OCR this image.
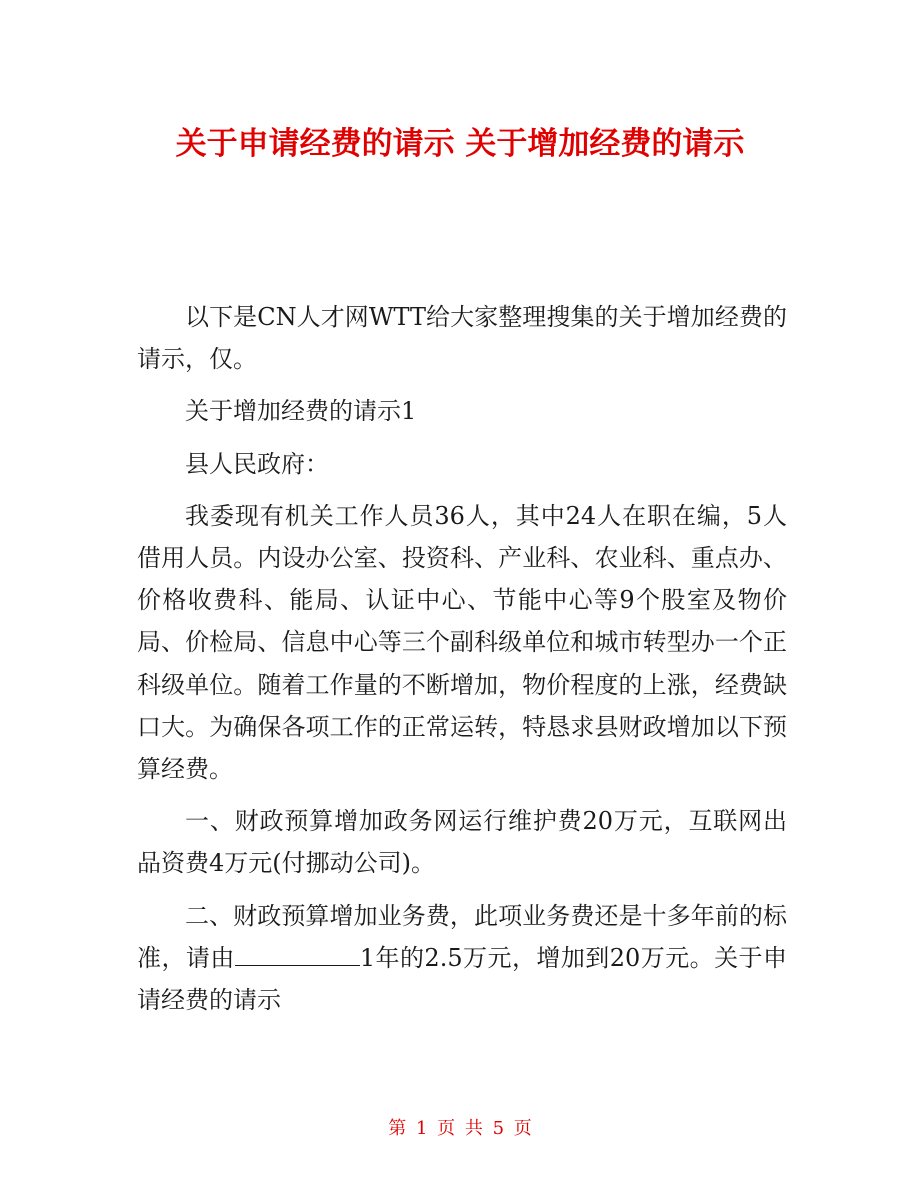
关于申请经费的请示 关于增加经费的请示

以下是CN人才网WTT给大家整理搜集的关于增加经费的请示，仅。

关于增加经费的请示1

县人民政府：

我委现有机关工作人员36人，其中24人在职在编，5人借用人员。内设办公室、投资科、产业科、农业科、重点办、价格收费科、能局、认证中心、节能中心等9个股室及物价局、价检局、信息中心等三个副科级单位和城市转型办一个正科级单位。随着工作量的不断增加，物价程度的上涨，经费缺口大。为确保各项工作的正常运转，特恳求县财政增加以下预算经费。

一、财政预算增加政务网运行维护费20万元，互联网出品资费4万元(付挪动公司)。

二、财政预算增加业务费，此项业务费还是十多年前的标准，请由	1年的2.5万元，增加到20万元。关于申请经费的请示

第 1 页 共 5 页
